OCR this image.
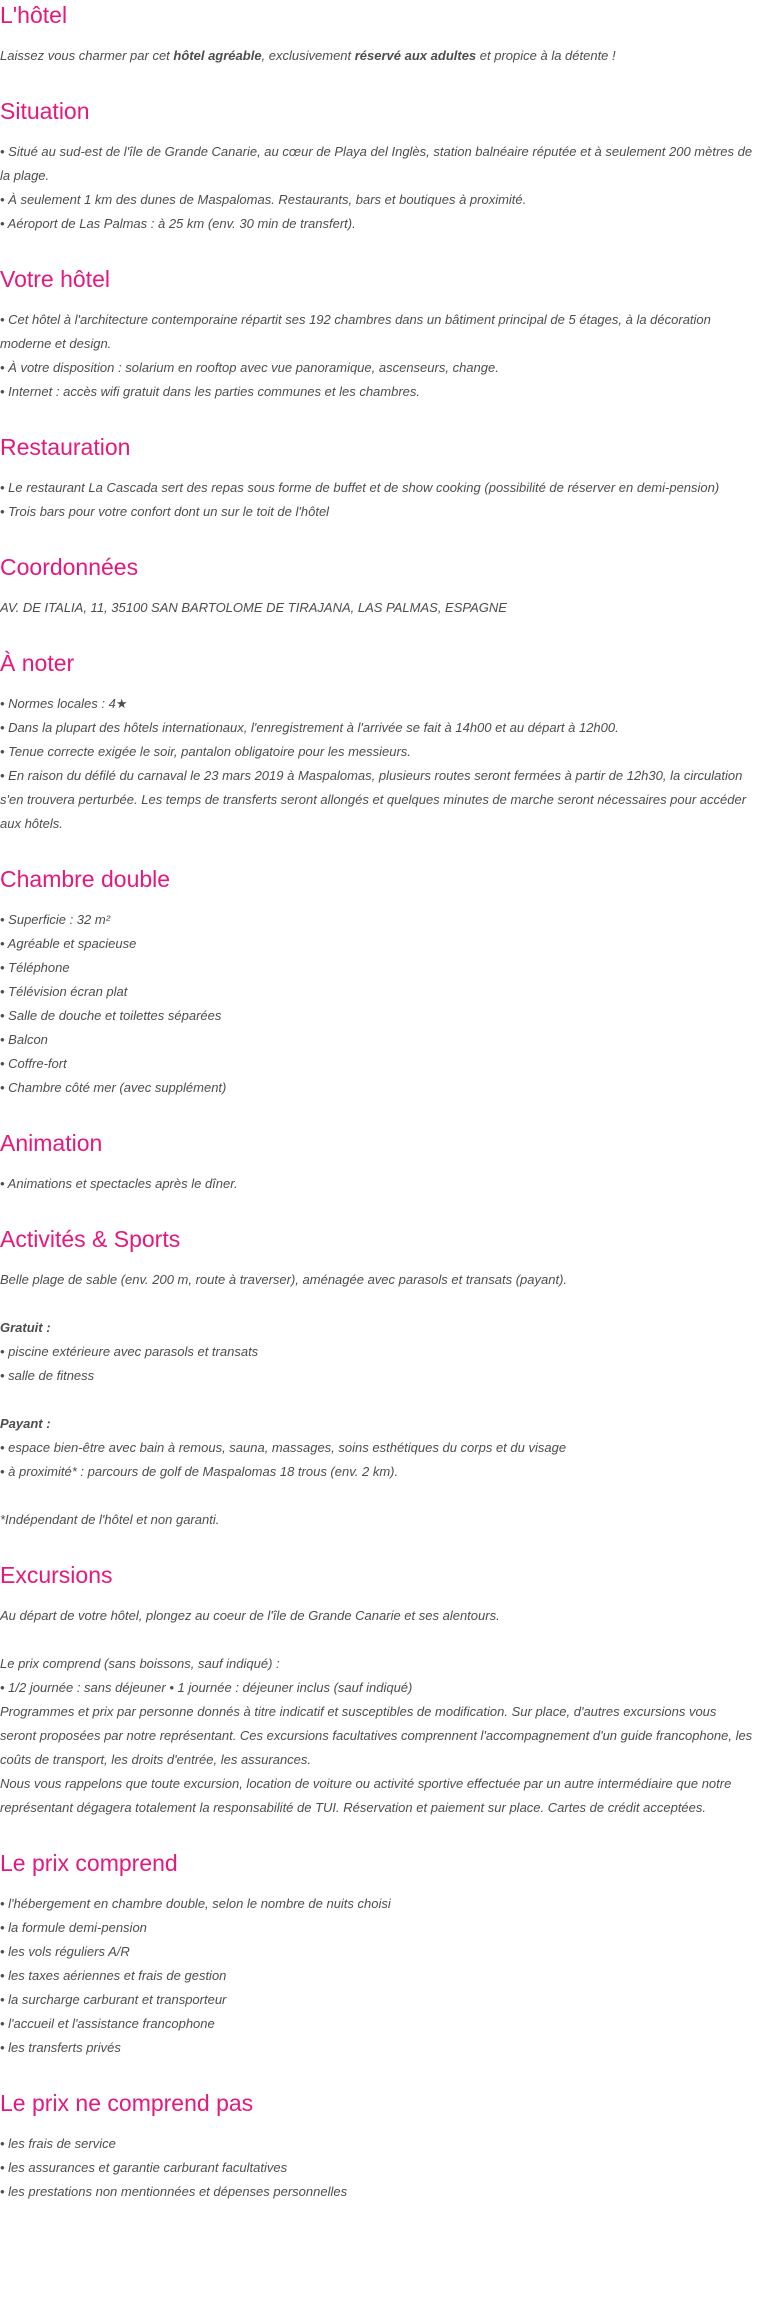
L'hôtel

Laissez vous charmer par cet hôtel agréable, exclusivement réservé aux adultes et propice à la détente !

Situation

• Situé au sud-est de l'île de Grande Canarie, au cœur de Playa del Inglès, station balnéaire réputée et à seulement 200 mètres de la plage.

• À seulement 1 km des dunes de Maspalomas. Restaurants, bars et boutiques à proximité.

• Aéroport de Las Palmas : à 25 km (env. 30 min de transfert).

Votre hôtel

• Cet hôtel à l'architecture contemporaine répartit ses 192 chambres dans un bâtiment principal de 5 étages, à la décoration moderne et design.

• À votre disposition : solarium en rooftop avec vue panoramique, ascenseurs, change.

• Internet : accès wifi gratuit dans les parties communes et les chambres.

Restauration

• Le restaurant La Cascada sert des repas sous forme de buffet et de show cooking (possibilité de réserver en demi-pension)

• Trois bars pour votre confort dont un sur le toit de l'hôtel

Coordonnées

AV. DE ITALIA, 11, 35100 SAN BARTOLOME DE TIRAJANA, LAS PALMAS, ESPAGNE

À noter

• Normes locales : 4★

• Dans la plupart des hôtels internationaux, l'enregistrement à l'arrivée se fait à 14h00 et au départ à 12h00.

• Tenue correcte exigée le soir, pantalon obligatoire pour les messieurs.

• En raison du défilé du carnaval le 23 mars 2019 à Maspalomas, plusieurs routes seront fermées à partir de 12h30, la circulation s'en trouvera perturbée. Les temps de transferts seront allongés et quelques minutes de marche seront nécessaires pour accéder aux hôtels.

Chambre double

• Superficie : 32 m²

• Agréable et spacieuse

• Téléphone

• Télévision écran plat

• Salle de douche et toilettes séparées

• Balcon

• Coffre-fort

• Chambre côté mer (avec supplément)

Animation

• Animations et spectacles après le dîner.

Activités & Sports

Belle plage de sable (env. 200 m, route à traverser), aménagée avec parasols et transats (payant).

Gratuit :

• piscine extérieure avec parasols et transats

• salle de fitness

Payant :

• espace bien-être avec bain à remous, sauna, massages, soins esthétiques du corps et du visage

• à proximité* : parcours de golf de Maspalomas 18 trous (env. 2 km).

*Indépendant de l'hôtel et non garanti.

Excursions

Au départ de votre hôtel, plongez au coeur de l'île de Grande Canarie et ses alentours.

Le prix comprend (sans boissons, sauf indiqué) :

• 1/2 journée : sans déjeuner • 1 journée : déjeuner inclus (sauf indiqué)

Programmes et prix par personne donnés à titre indicatif et susceptibles de modification. Sur place, d'autres excursions vous seront proposées par notre représentant. Ces excursions facultatives comprennent l'accompagnement d'un guide francophone, les coûts de transport, les droits d'entrée, les assurances.

Nous vous rappelons que toute excursion, location de voiture ou activité sportive effectuée par un autre intermédiaire que notre représentant dégagera totalement la responsabilité de TUI. Réservation et paiement sur place. Cartes de crédit acceptées.

Le prix comprend

• l'hébergement en chambre double, selon le nombre de nuits choisi

• la formule demi-pension

• les vols réguliers A/R

• les taxes aériennes et frais de gestion

• la surcharge carburant et transporteur

• l'accueil et l'assistance francophone

• les transferts privés

Le prix ne comprend pas

• les frais de service

• les assurances et garantie carburant facultatives

• les prestations non mentionnées et dépenses personnelles
